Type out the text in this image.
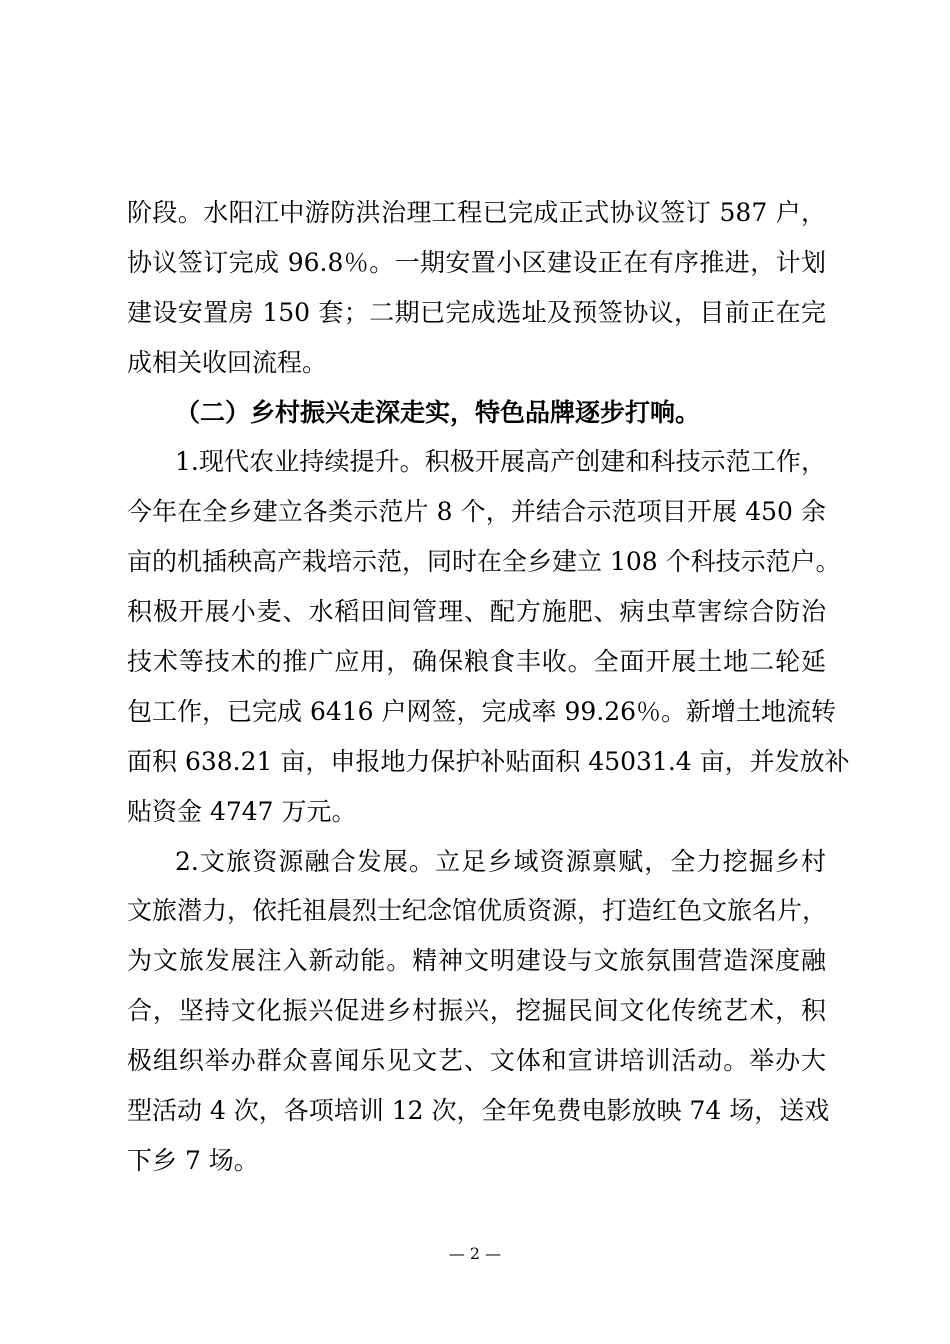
阶段。水阳江中游防洪治理工程已完成正式协议签订 587 户，
协议签订完成 96.8％。一期安置小区建设正在有序推进，计划
建设安置房 150 套；二期已完成选址及预签协议，目前正在完
成相关收回流程。
（二）乡村振兴走深走实，特色品牌逐步打响。
1.现代农业持续提升。积极开展高产创建和科技示范工作，
今年在全乡建立各类示范片 8 个，并结合示范项目开展 450 余
亩的机插秧高产栽培示范，同时在全乡建立 108 个科技示范户。
积极开展小麦、水稻田间管理、配方施肥、病虫草害综合防治
技术等技术的推广应用，确保粮食丰收。全面开展土地二轮延
包工作，已完成 6416 户网签，完成率 99.26％。新增土地流转
面积 638.21 亩，申报地力保护补贴面积 45031.4 亩，并发放补
贴资金 4747 万元。
2.文旅资源融合发展。立足乡域资源禀赋，全力挖掘乡村
文旅潜力，依托祖晨烈士纪念馆优质资源，打造红色文旅名片，
为文旅发展注入新动能。精神文明建设与文旅氛围营造深度融
合，坚持文化振兴促进乡村振兴，挖掘民间文化传统艺术，积
极组织举办群众喜闻乐见文艺、文体和宣讲培训活动。举办大
型活动 4 次，各项培训 12 次，全年免费电影放映 74 场，送戏
下乡 7 场。
— 2 —
